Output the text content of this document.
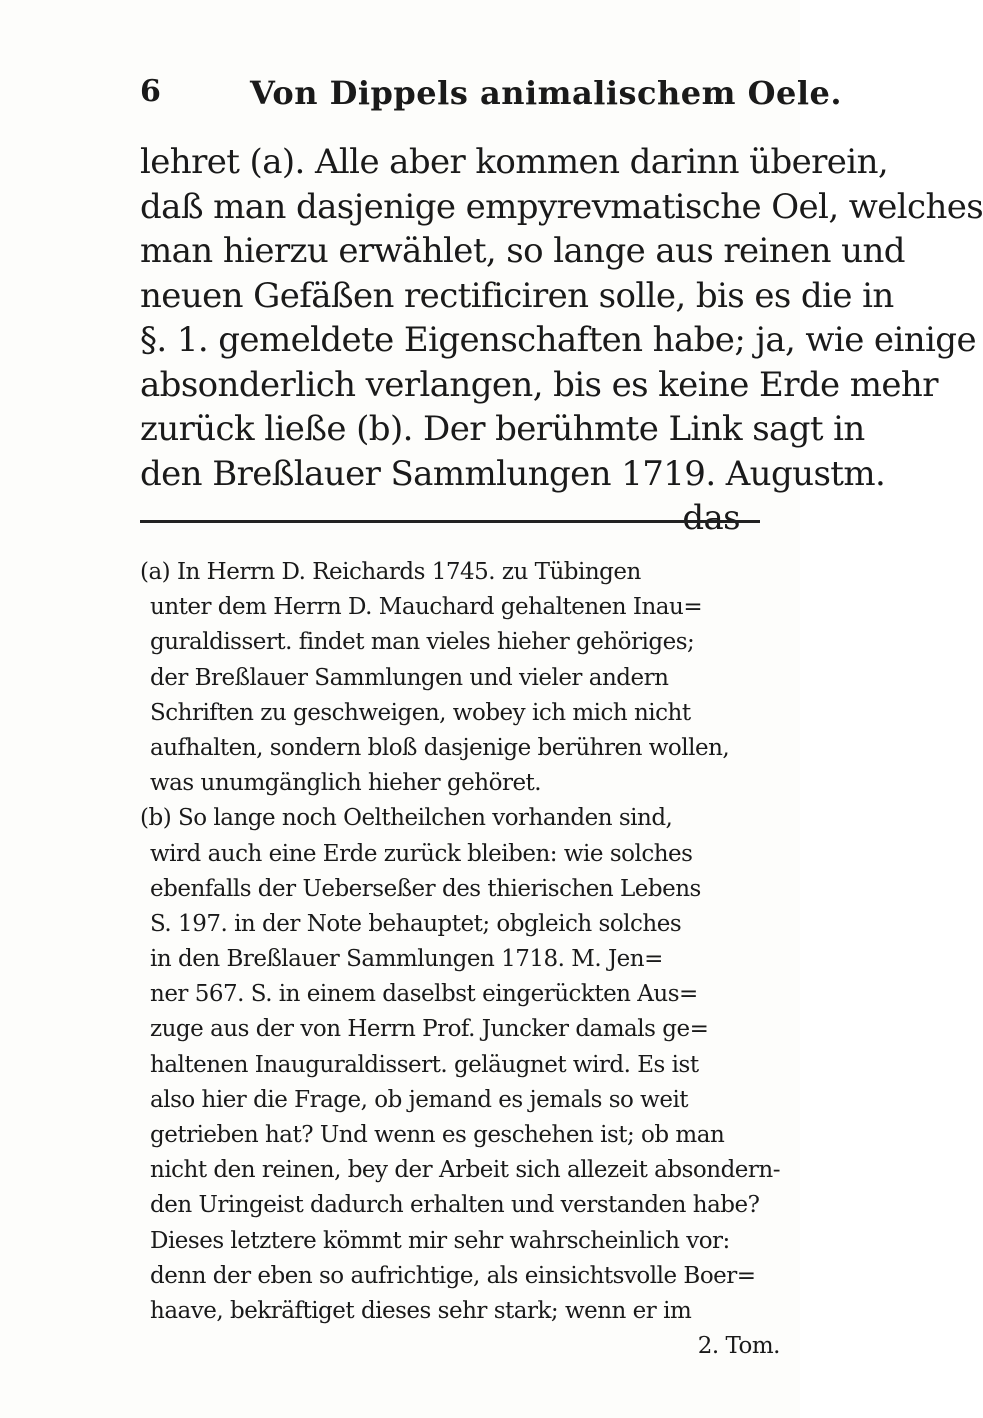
6	Von Dippels animalischem Oele.
lehret (a). Alle aber kommen darinn überein,
daß man dasjenige empyrevmatische Oel, welches
man hierzu erwählet, so lange aus reinen und
neuen Gefäßen rectificiren solle, bis es die in
§. 1. gemeldete Eigenschaften habe; ja, wie einige
absonderlich verlangen, bis es keine Erde mehr
zurück ließe (b). Der berühmte Link sagt in
den Breßlauer Sammlungen 1719. Augustm.
das
(a) In Herrn D. Reichards 1745. zu Tübingen
unter dem Herrn D. Mauchard gehaltenen Inau=
guraldissert. findet man vieles hieher gehöriges;
der Breßlauer Sammlungen und vieler andern
Schriften zu geschweigen, wobey ich mich nicht
aufhalten, sondern bloß dasjenige berühren wollen,
was unumgänglich hieher gehöret.
(b) So lange noch Oeltheilchen vorhanden sind,
wird auch eine Erde zurück bleiben: wie solches
ebenfalls der Ueberseßer des thierischen Lebens
S. 197. in der Note behauptet; obgleich solches
in den Breßlauer Sammlungen 1718. M. Jen=
ner 567. S. in einem daselbst eingerückten Aus=
zuge aus der von Herrn Prof. Juncker damals ge=
haltenen Inauguraldissert. geläugnet wird. Es ist
also hier die Frage, ob jemand es jemals so weit
getrieben hat? Und wenn es geschehen ist; ob man
nicht den reinen, bey der Arbeit sich allezeit absondern-
den Uringeist dadurch erhalten und verstanden habe?
Dieses letztere kömmt mir sehr wahrscheinlich vor:
denn der eben so aufrichtige, als einsichtsvolle Boer=
haave, bekräftiget dieses sehr stark; wenn er im
2. Tom.
